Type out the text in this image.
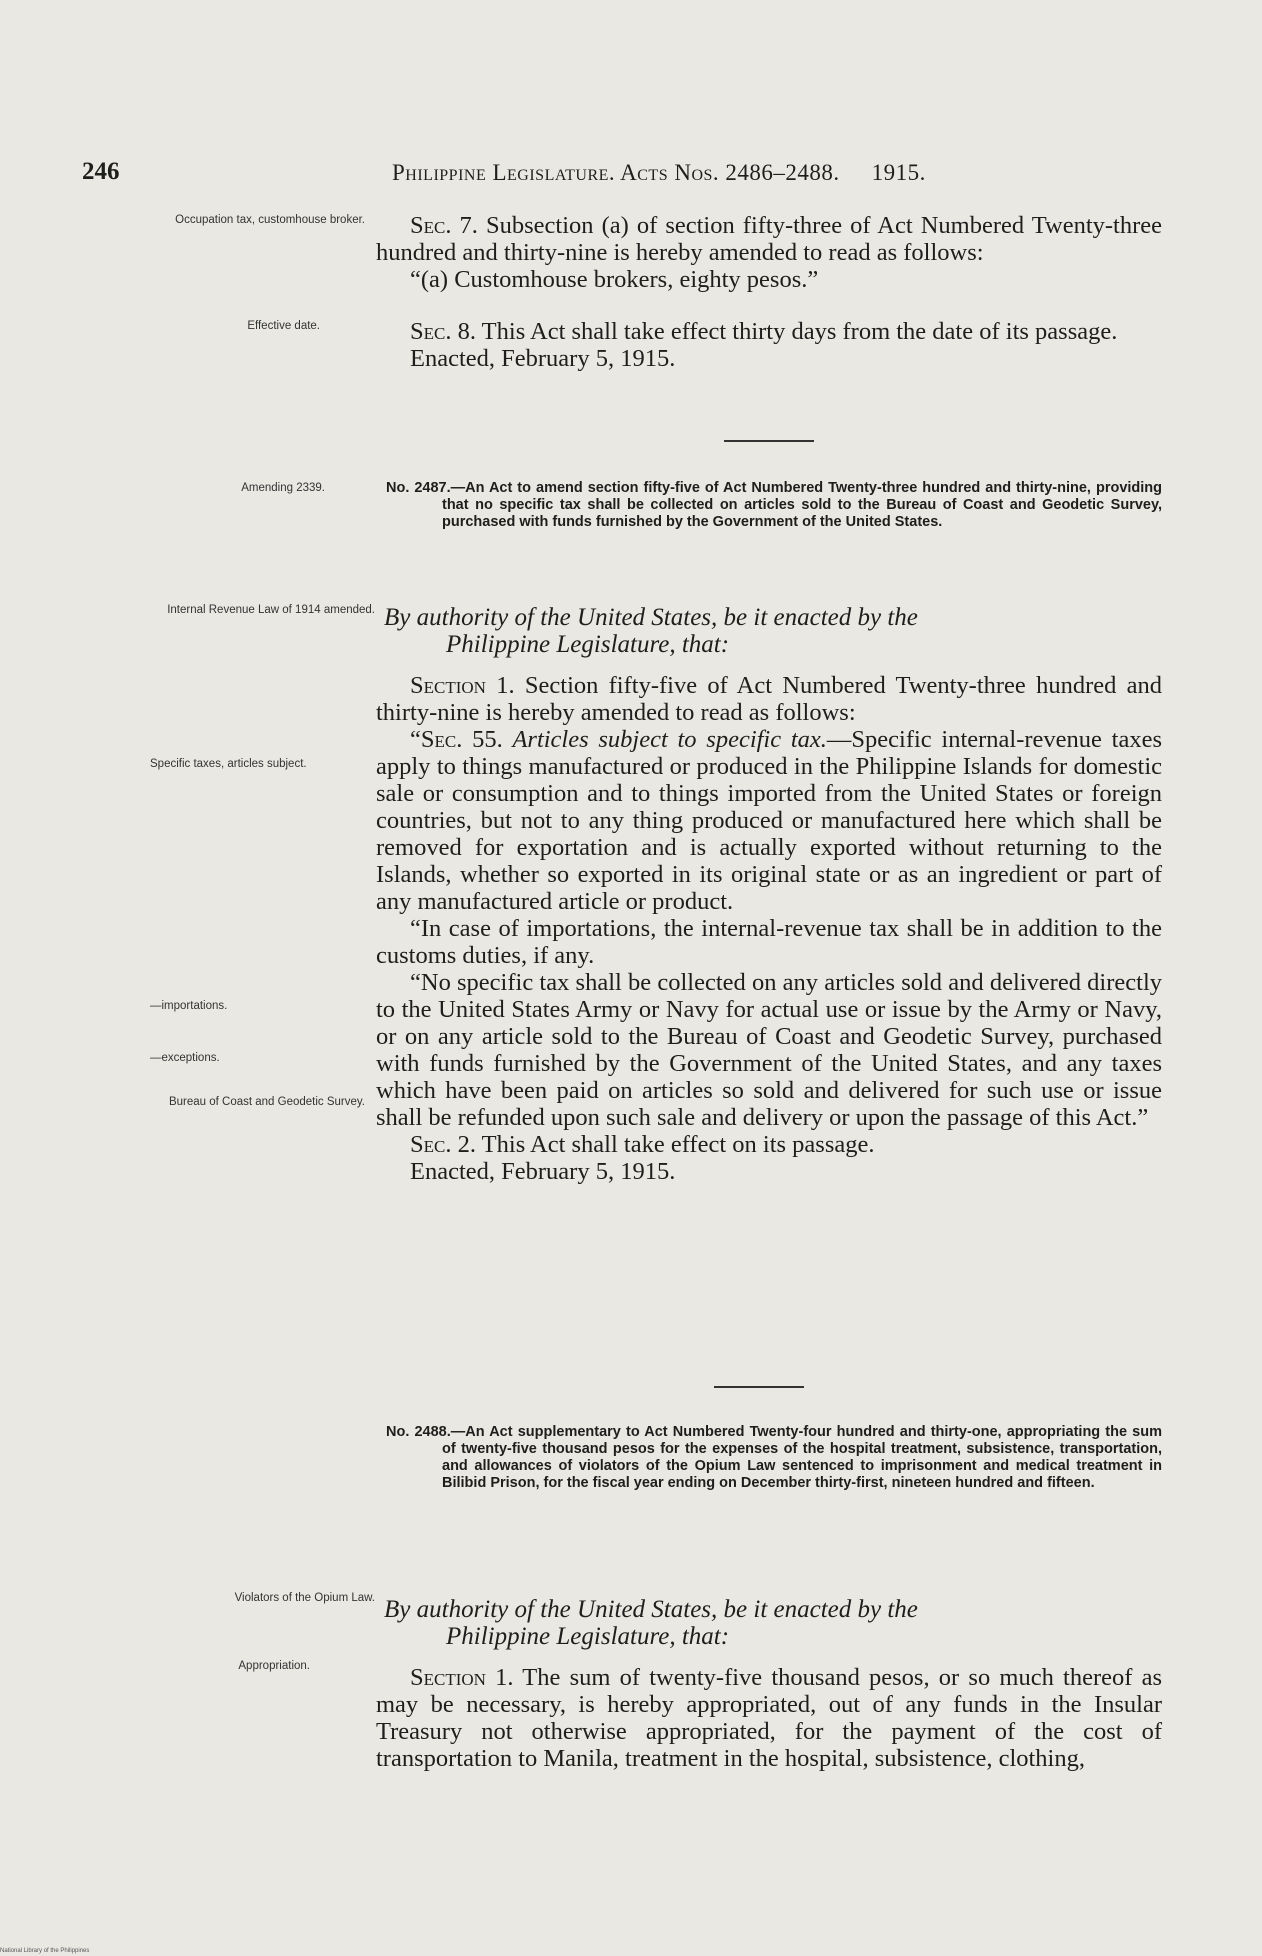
246	Philippine Legislature. Acts Nos. 2486–2488. 1915.
Occupation tax, customhouse broker.	Sec. 7. Subsection (a) of section fifty-three of Act Numbered Twenty-three hundred and thirty-nine is hereby amended to read as follows:

“(a) Customhouse brokers, eighty pesos.”

Effective date.	Sec. 8. This Act shall take effect thirty days from the date of its passage.

Enacted, February 5, 1915.

Amending 2339.	No. 2487.—An Act to amend section fifty-five of Act Numbered Twenty-three hundred and thirty-nine, providing that no specific tax shall be collected on articles sold to the Bureau of Coast and Geodetic Survey, purchased with funds furnished by the Government of the United States.
Internal Revenue Law of 1914 amended. By authority of the United States, be it enacted by the
Philippine Legislature, that:

Section 1. Section fifty-five of Act Numbered Twenty-three hundred and thirty-nine is hereby amended to read as follows:

“Sec. 55. Articles subject to specific tax.—Specific internal-revenue taxes apply to things manufactured or produced in the Philippine Islands for domestic sale or consumption and to things imported from the United States or foreign countries, but not to any thing produced or manufactured here which shall be removed for exportation and is actually exported without returning to the Islands, whether so exported in its original state or as an ingredient or part of any manufactured article or product.

“In case of importations, the internal-revenue tax shall be in addition to the customs duties, if any.

“No specific tax shall be collected on any articles sold and delivered directly to the United States Army or Navy for actual use or issue by the Army or Navy, or on any article sold to the Bureau of Coast and Geodetic Survey, purchased with funds furnished by the Government of the United States, and any taxes which have been paid on articles so sold and delivered for such use or issue shall be refunded upon such sale and delivery or upon the passage of this Act.”

Sec. 2. This Act shall take effect on its passage.

Enacted, February 5, 1915.

Specific taxes, articles subject.
—importations.
—exceptions.
Bureau of Coast and Geodetic Survey.
No. 2488.—An Act supplementary to Act Numbered Twenty-four hundred and thirty-one, appropriating the sum of twenty-five thousand pesos for the expenses of the hospital treatment, subsistence, transportation, and allowances of violators of the Opium Law sentenced to imprisonment and medical treatment in Bilibid Prison, for the fiscal year ending on December thirty-first, nineteen hundred and fifteen.
Violators of the Opium Law. By authority of the United States, be it enacted by the
Philippine Legislature, that:
Appropriation.	Section 1. The sum of twenty-five thousand pesos, or so much thereof as may be necessary, is hereby appropriated, out of any funds in the Insular Treasury not otherwise appropriated, for the payment of the cost of transportation to Manila, treatment in the hospital, subsistence, clothing,

National Library of the Philippines
